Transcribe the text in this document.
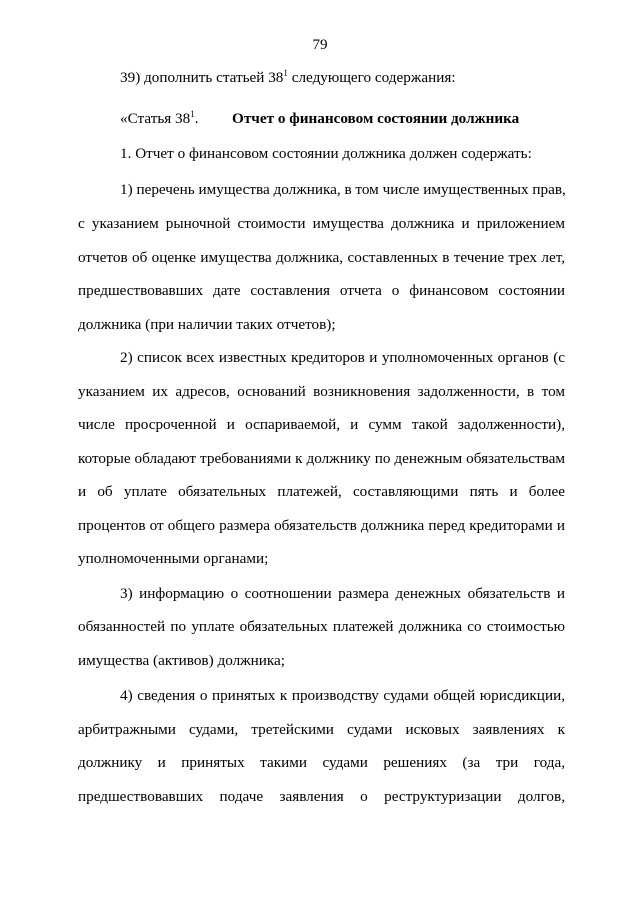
79
39) дополнить статьей $38^1$ следующего содержания:
«Статья $38^1$. Отчет о финансовом состоянии должника
1. Отчет о финансовом состоянии должника должен содержать:
1) перечень имущества должника, в том числе имущественных прав,
с указанием рыночной стоимости имущества должника и приложением
отчетов об оценке имущества должника, составленных в течение трех лет,
предшествовавших дате составления отчета о финансовом состоянии
должника (при наличии таких отчетов);
2) список всех известных кредиторов и уполномоченных органов (с
указанием их адресов, оснований возникновения задолженности, в том
числе просроченной и оспариваемой, и сумм такой задолженности),
которые обладают требованиями к должнику по денежным обязательствам
и об уплате обязательных платежей, составляющими пять и более
процентов от общего размера обязательств должника перед кредиторами и
уполномоченными органами;
3) информацию о соотношении размера денежных обязательств и
обязанностей по уплате обязательных платежей должника со стоимостью
имущества (активов) должника;
4) сведения о принятых к производству судами общей юрисдикции,
арбитражными судами, третейскими судами исковых заявлениях к
должнику и принятых такими судами решениях (за три года,
предшествовавших подаче заявления о реструктуризации долгов,
